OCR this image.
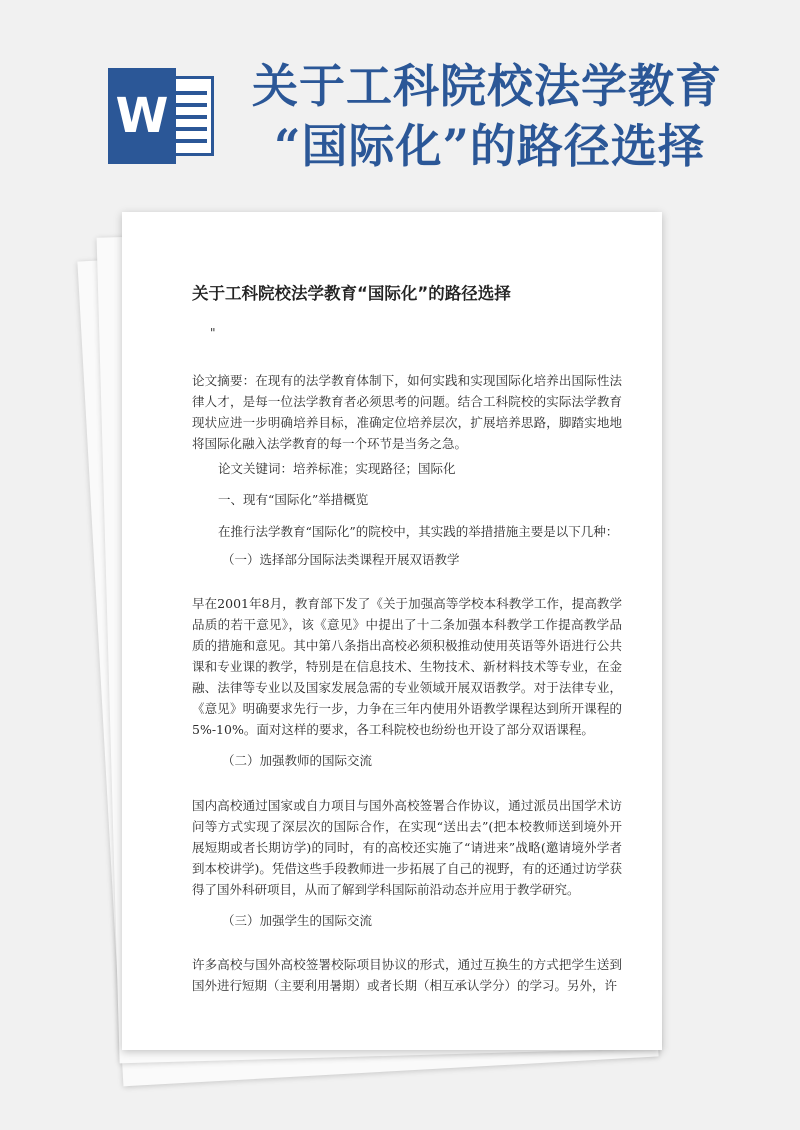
W
关于工科院校法学教育
“国际化”的路径选择
关于工科院校法学教育“国际化”的路径选择
"

论文摘要：在现有的法学教育体制下，如何实践和实现国际化培养出国际性法律人才，是每一位法学教育者必须思考的问题。结合工科院校的实际法学教育现状应进一步明确培养目标，准确定位培养层次，扩展培养思路，脚踏实地地将国际化融入法学教育的每一个环节是当务之急。

论文关键词：培养标准；实现路径；国际化

一、现有“国际化”举措概览

在推行法学教育“国际化”的院校中，其实践的举措措施主要是以下几种：

（一）选择部分国际法类课程开展双语教学

早在2001年8月，教育部下发了《关于加强高等学校本科教学工作，提高教学品质的若干意见》，该《意见》中提出了十二条加强本科教学工作提高教学品质的措施和意见。其中第八条指出高校必须积极推动使用英语等外语进行公共课和专业课的教学，特别是在信息技术、生物技术、新材料技术等专业，在金融、法律等专业以及国家发展急需的专业领域开展双语教学。对于法律专业，《意见》明确要求先行一步，力争在三年内使用外语教学课程达到所开课程的5%-10%。面对这样的要求，各工科院校也纷纷也开设了部分双语课程。

（二）加强教师的国际交流

国内高校通过国家或自力项目与国外高校签署合作协议，通过派员出国学术访问等方式实现了深层次的国际合作，在实现“送出去”(把本校教师送到境外开展短期或者长期访学)的同时，有的高校还实施了“请进来”战略(邀请境外学者到本校讲学)。凭借这些手段教师进一步拓展了自己的视野，有的还通过访学获得了国外科研项目，从而了解到学科国际前沿动态并应用于教学研究。

（三）加强学生的国际交流

许多高校与国外高校签署校际项目协议的形式，通过互换生的方式把学生送到国外进行短期（主要利用暑期）或者长期（相互承认学分）的学习。另外，许
